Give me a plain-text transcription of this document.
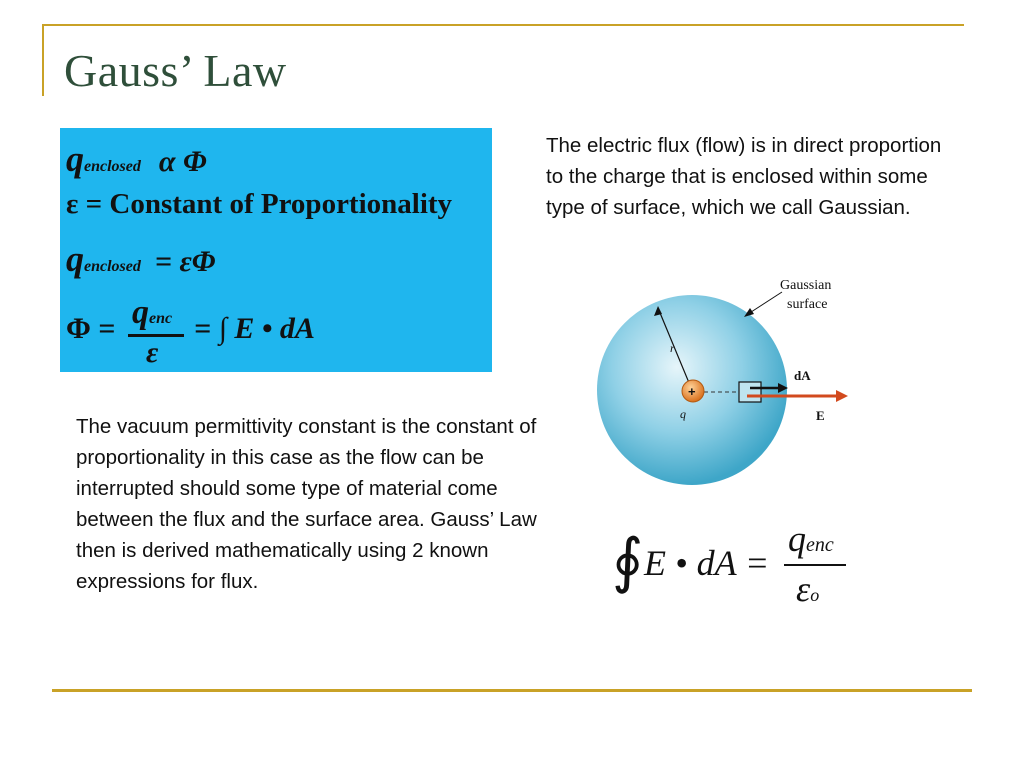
Gauss’ Law
qenclosed α Φ
ε = Constant of Proportionality
qenclosed = εΦ
Φ = qenc
ε
= ∫ E • dA

The electric flux (flow) is in direct proportion to the charge that is enclosed within some type of surface, which we call Gaussian.

The vacuum permittivity constant is the constant of proportionality in this case as the flow can be interrupted should some type of material come between the flux and the surface area. Gauss’ Law then is derived mathematically using 2 known expressions for flux.

r
+
q
dA
E
Gaussian
surface
∮ E • dA =
qenc
εo
